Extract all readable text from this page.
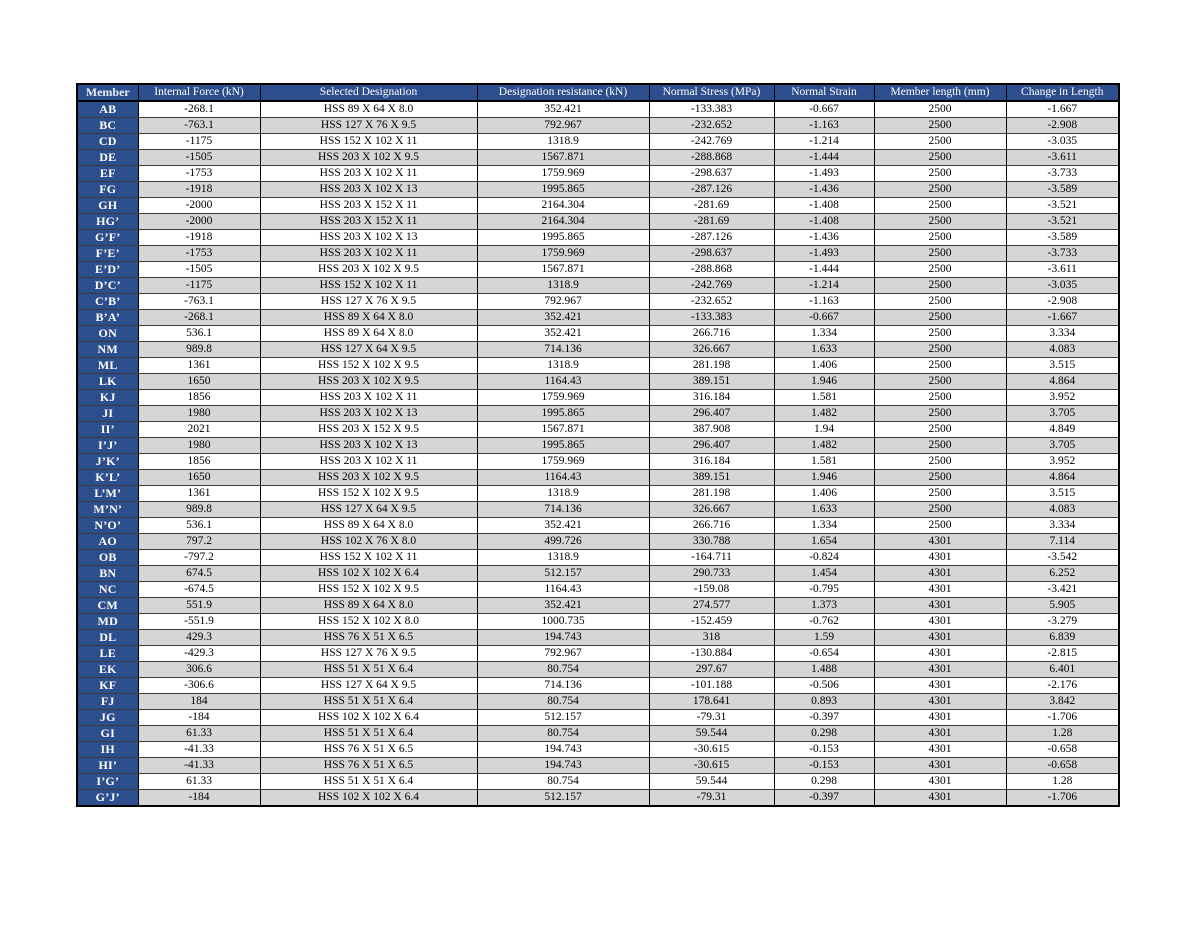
Member	Internal Force (kN)	Selected Designation	Designation resistance (kN)	Normal Stress (MPa)	Normal Strain	Member length (mm)	Change in Length
AB	-268.1	HSS 89 X 64 X 8.0	352.421	-133.383	-0.667	2500	-1.667
BC	-763.1	HSS 127 X 76 X 9.5	792.967	-232.652	-1.163	2500	-2.908
CD	-1175	HSS 152 X 102 X 11	1318.9	-242.769	-1.214	2500	-3.035
DE	-1505	HSS 203 X 102 X 9.5	1567.871	-288.868	-1.444	2500	-3.611
EF	-1753	HSS 203 X 102 X 11	1759.969	-298.637	-1.493	2500	-3.733
FG	-1918	HSS 203 X 102 X 13	1995.865	-287.126	-1.436	2500	-3.589
GH	-2000	HSS 203 X 152 X 11	2164.304	-281.69	-1.408	2500	-3.521
HG’	-2000	HSS 203 X 152 X 11	2164.304	-281.69	-1.408	2500	-3.521
G’F’	-1918	HSS 203 X 102 X 13	1995.865	-287.126	-1.436	2500	-3.589
F’E’	-1753	HSS 203 X 102 X 11	1759.969	-298.637	-1.493	2500	-3.733
E’D’	-1505	HSS 203 X 102 X 9.5	1567.871	-288.868	-1.444	2500	-3.611
D’C’	-1175	HSS 152 X 102 X 11	1318.9	-242.769	-1.214	2500	-3.035
C’B’	-763.1	HSS 127 X 76 X 9.5	792.967	-232.652	-1.163	2500	-2.908
B’A’	-268.1	HSS 89 X 64 X 8.0	352.421	-133.383	-0.667	2500	-1.667
ON	536.1	HSS 89 X 64 X 8.0	352.421	266.716	1.334	2500	3.334
NM	989.8	HSS 127 X 64 X 9.5	714.136	326.667	1.633	2500	4.083
ML	1361	HSS 152 X 102 X 9.5	1318.9	281.198	1.406	2500	3.515
LK	1650	HSS 203 X 102 X 9.5	1164.43	389.151	1.946	2500	4.864
KJ	1856	HSS 203 X 102 X 11	1759.969	316.184	1.581	2500	3.952
JI	1980	HSS 203 X 102 X 13	1995.865	296.407	1.482	2500	3.705
II’	2021	HSS 203 X 152 X 9.5	1567.871	387.908	1.94	2500	4.849
I’J’	1980	HSS 203 X 102 X 13	1995.865	296.407	1.482	2500	3.705
J’K’	1856	HSS 203 X 102 X 11	1759.969	316.184	1.581	2500	3.952
K’L’	1650	HSS 203 X 102 X 9.5	1164.43	389.151	1.946	2500	4.864
L’M’	1361	HSS 152 X 102 X 9.5	1318.9	281.198	1.406	2500	3.515
M’N’	989.8	HSS 127 X 64 X 9.5	714.136	326.667	1.633	2500	4.083
N’O’	536.1	HSS 89 X 64 X 8.0	352.421	266.716	1.334	2500	3.334
AO	797.2	HSS 102 X 76 X 8.0	499.726	330.788	1.654	4301	7.114
OB	-797.2	HSS 152 X 102 X 11	1318.9	-164.711	-0.824	4301	-3.542
BN	674.5	HSS 102 X 102 X 6.4	512.157	290.733	1.454	4301	6.252
NC	-674.5	HSS 152 X 102 X 9.5	1164.43	-159.08	-0.795	4301	-3.421
CM	551.9	HSS 89 X 64 X 8.0	352.421	274.577	1.373	4301	5.905
MD	-551.9	HSS 152 X 102 X 8.0	1000.735	-152.459	-0.762	4301	-3.279
DL	429.3	HSS 76 X 51 X 6.5	194.743	318	1.59	4301	6.839
LE	-429.3	HSS 127 X 76 X 9.5	792.967	-130.884	-0.654	4301	-2.815
EK	306.6	HSS 51 X 51 X 6.4	80.754	297.67	1.488	4301	6.401
KF	-306.6	HSS 127 X 64 X 9.5	714.136	-101.188	-0.506	4301	-2.176
FJ	184	HSS 51 X 51 X 6.4	80.754	178.641	0.893	4301	3.842
JG	-184	HSS 102 X 102 X 6.4	512.157	-79.31	-0.397	4301	-1.706
GI	61.33	HSS 51 X 51 X 6.4	80.754	59.544	0.298	4301	1.28
IH	-41.33	HSS 76 X 51 X 6.5	194.743	-30.615	-0.153	4301	-0.658
HI’	-41.33	HSS 76 X 51 X 6.5	194.743	-30.615	-0.153	4301	-0.658
I’G’	61.33	HSS 51 X 51 X 6.4	80.754	59.544	0.298	4301	1.28
G’J’	-184	HSS 102 X 102 X 6.4	512.157	-79.31	-0.397	4301	-1.706
